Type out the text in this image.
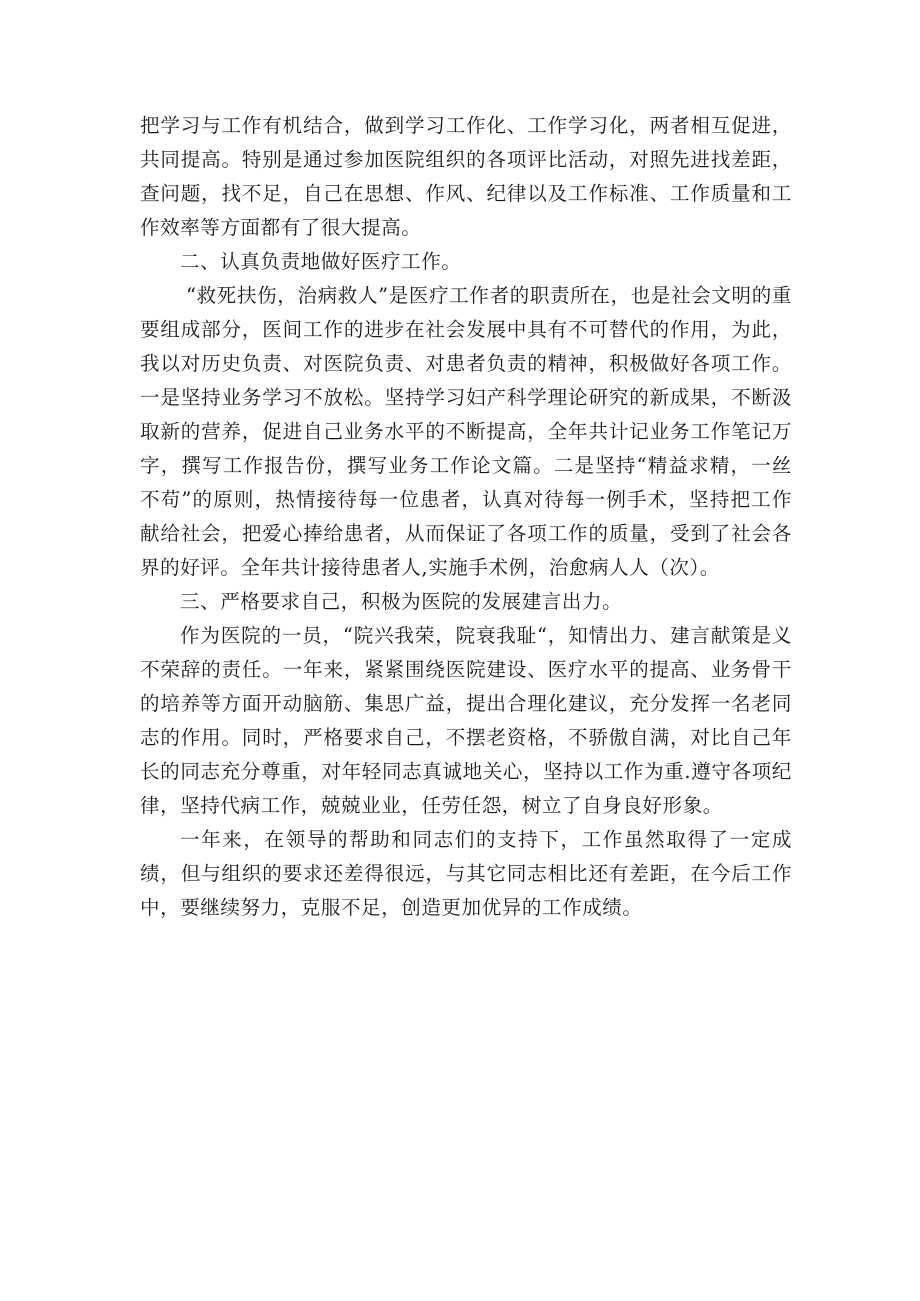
把学习与工作有机结合，做到学习工作化、工作学习化，两者相互促进，共同提高。特别是通过参加医院组织的各项评比活动，对照先进找差距，查问题，找不足，自己在思想、作风、纪律以及工作标准、工作质量和工作效率等方面都有了很大提高。

二、认真负责地做好医疗工作。

“救死扶伤，治病救人”是医疗工作者的职责所在，也是社会文明的重要组成部分，医间工作的进步在社会发展中具有不可替代的作用，为此，我以对历史负责、对医院负责、对患者负责的精神，积极做好各项工作。一是坚持业务学习不放松。坚持学习妇产科学理论研究的新成果，不断汲取新的营养，促进自己业务水平的不断提高，全年共计记业务工作笔记万字，撰写工作报告份，撰写业务工作论文篇。二是坚持“精益求精，一丝不苟”的原则，热情接待每一位患者，认真对待每一例手术，坚持把工作献给社会，把爱心捧给患者，从而保证了各项工作的质量，受到了社会各界的好评。全年共计接待患者人,实施手术例，治愈病人人（次）。

三、严格要求自己，积极为医院的发展建言出力。

作为医院的一员，“院兴我荣，院衰我耻“，知情出力、建言献策是义不荣辞的责任。一年来，紧紧围绕医院建设、医疗水平的提高、业务骨干的培养等方面开动脑筋、集思广益，提出合理化建议，充分发挥一名老同志的作用。同时，严格要求自己，不摆老资格，不骄傲自满，对比自己年长的同志充分尊重，对年轻同志真诚地关心，坚持以工作为重.遵守各项纪律，坚持代病工作，兢兢业业，任劳任怨，树立了自身良好形象。

一年来，在领导的帮助和同志们的支持下，工作虽然取得了一定成绩，但与组织的要求还差得很远，与其它同志相比还有差距，在今后工作中，要继续努力，克服不足，创造更加优异的工作成绩。
